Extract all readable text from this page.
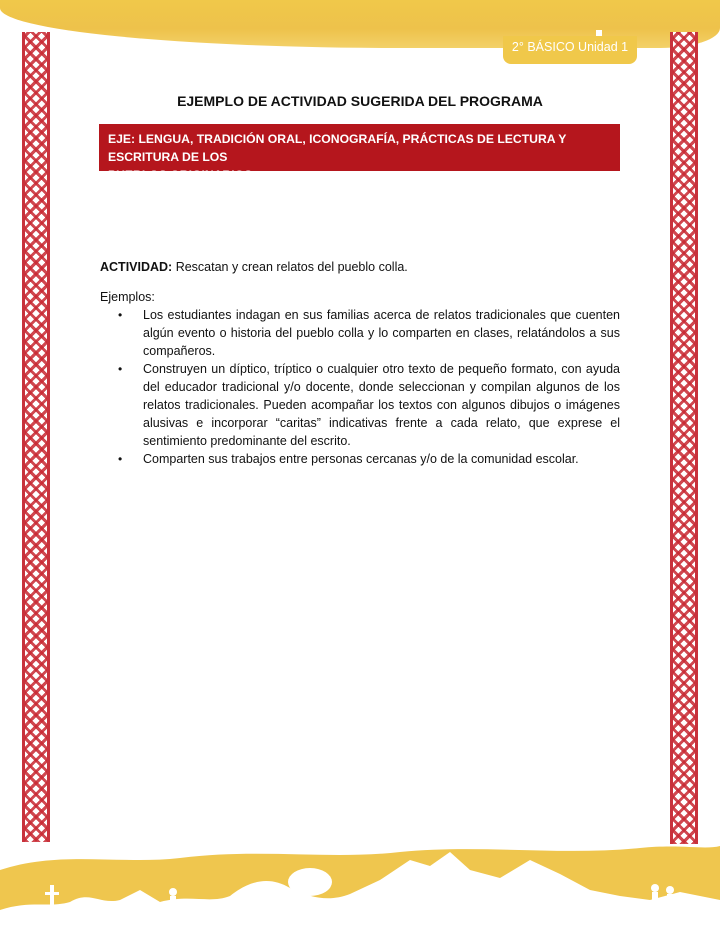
2° BÁSICO Unidad 1
EJEMPLO DE ACTIVIDAD SUGERIDA DEL PROGRAMA

EJE: LENGUA, TRADICIÓN ORAL, ICONOGRAFÍA, PRÁCTICAS DE LECTURA Y ESCRITURA DE LOS

PUEBLOS ORIGINARIOS.

ACTIVIDAD: Rescatan y crean relatos del pueblo colla.
Ejemplos:
• Los estudiantes indagan en sus familias acerca de relatos tradicionales que cuenten algún evento o historia del pueblo colla y lo comparten en clases, relatándolos a sus compañeros.
• Construyen un díptico, tríptico o cualquier otro texto de pequeño formato, con ayuda del educador tradicional y/o docente, donde seleccionan y compilan algunos de los relatos tradicionales. Pueden acompañar los textos con algunos dibujos o imágenes alusivas e incorporar “caritas” indicativas frente a cada relato, que exprese el sentimiento predominante del escrito.
• Comparten sus trabajos entre personas cercanas y/o de la comunidad escolar.
